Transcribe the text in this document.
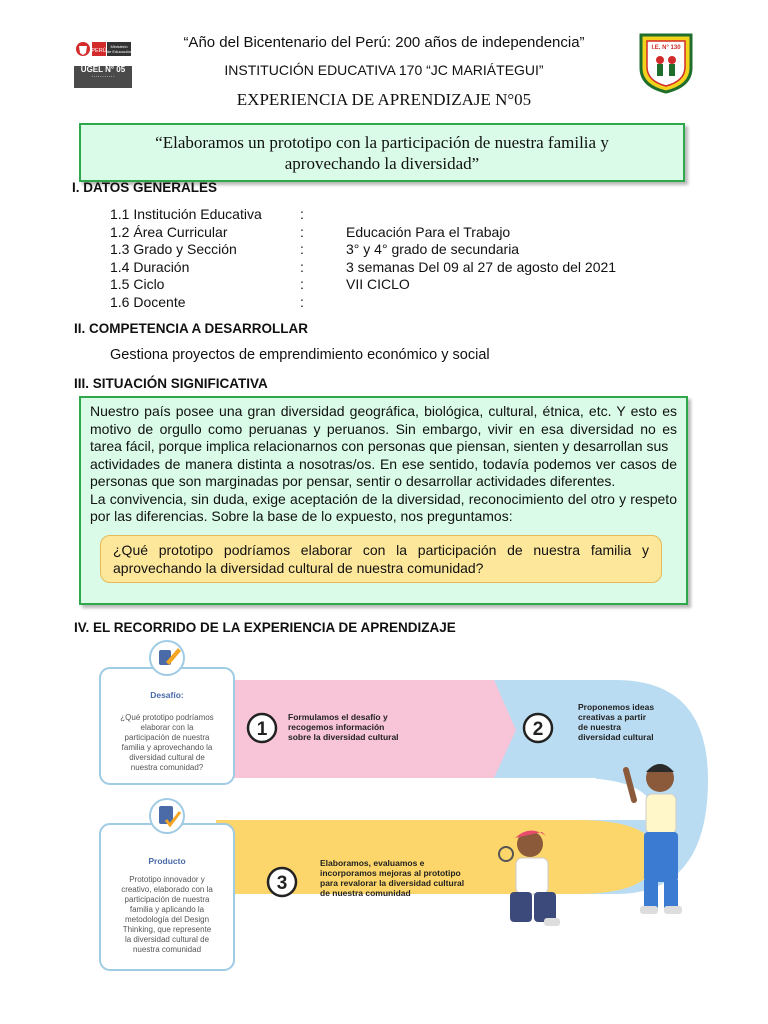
PERÚ
Ministerio
de Educación
UGEL N° 05
···········
I.E. N° 130
“Año del Bicentenario del Perú: 200 años de independencia”
INSTITUCIÓN EDUCATIVA 170 “JC MARIÁTEGUI”
EXPERIENCIA DE APRENDIZAJE N°05
“Elaboramos un prototipo con la participación de nuestra familia y aprovechando la diversidad”
I. DATOS GENERALES
1.1 Institución Educativa	:
1.2 Área Curricular	:	Educación Para el Trabajo
1.3 Grado y Sección	:	3° y 4° grado de secundaria
1.4 Duración	:	3 semanas Del 09 al 27 de agosto del 2021
1.5 Ciclo	:	VII CICLO
1.6 Docente	:
II. COMPETENCIA A DESARROLLAR
Gestiona proyectos de emprendimiento económico y social
III. SITUACIÓN SIGNIFICATIVA

Nuestro país posee una gran diversidad geográfica, biológica, cultural, étnica, etc. Y esto es motivo de orgullo como peruanas y peruanos. Sin embargo, vivir en esa diversidad no es tarea fácil, porque implica relacionarnos con personas que piensan, sienten y desarrollan sus

actividades de manera distinta a nosotras/os. En ese sentido, todavía podemos ver casos de personas que son marginadas por pensar, sentir o desarrollar actividades diferentes.

La convivencia, sin duda, exige aceptación de la diversidad, reconocimiento del otro y respeto por las diferencias. Sobre la base de lo expuesto, nos preguntamos:

¿Qué prototipo podríamos elaborar con la participación de nuestra familia y aprovechando la diversidad cultural de nuestra comunidad?
IV. EL RECORRIDO DE LA EXPERIENCIA DE APRENDIZAJE
Desafío:
¿Qué prototipo podríamos
elaborar con la
participación de nuestra
familia y aprovechando la
diversidad cultural de
nuestra comunidad?
Producto
Prototipo innovador y
creativo, elaborado con la
participación de nuestra
familia y aplicando la
metodología del Design
Thinking, que represente
la diversidad cultural de
nuestra comunidad
1
Formulamos el desafío y
recogemos información
sobre la diversidad cultural	2
Proponemos ideas
creativas a partir
de nuestra
diversidad cultural
3
Elaboramos, evaluamos e
incorporamos mejoras al prototipo
para revalorar la diversidad cultural
de nuestra comunidad
